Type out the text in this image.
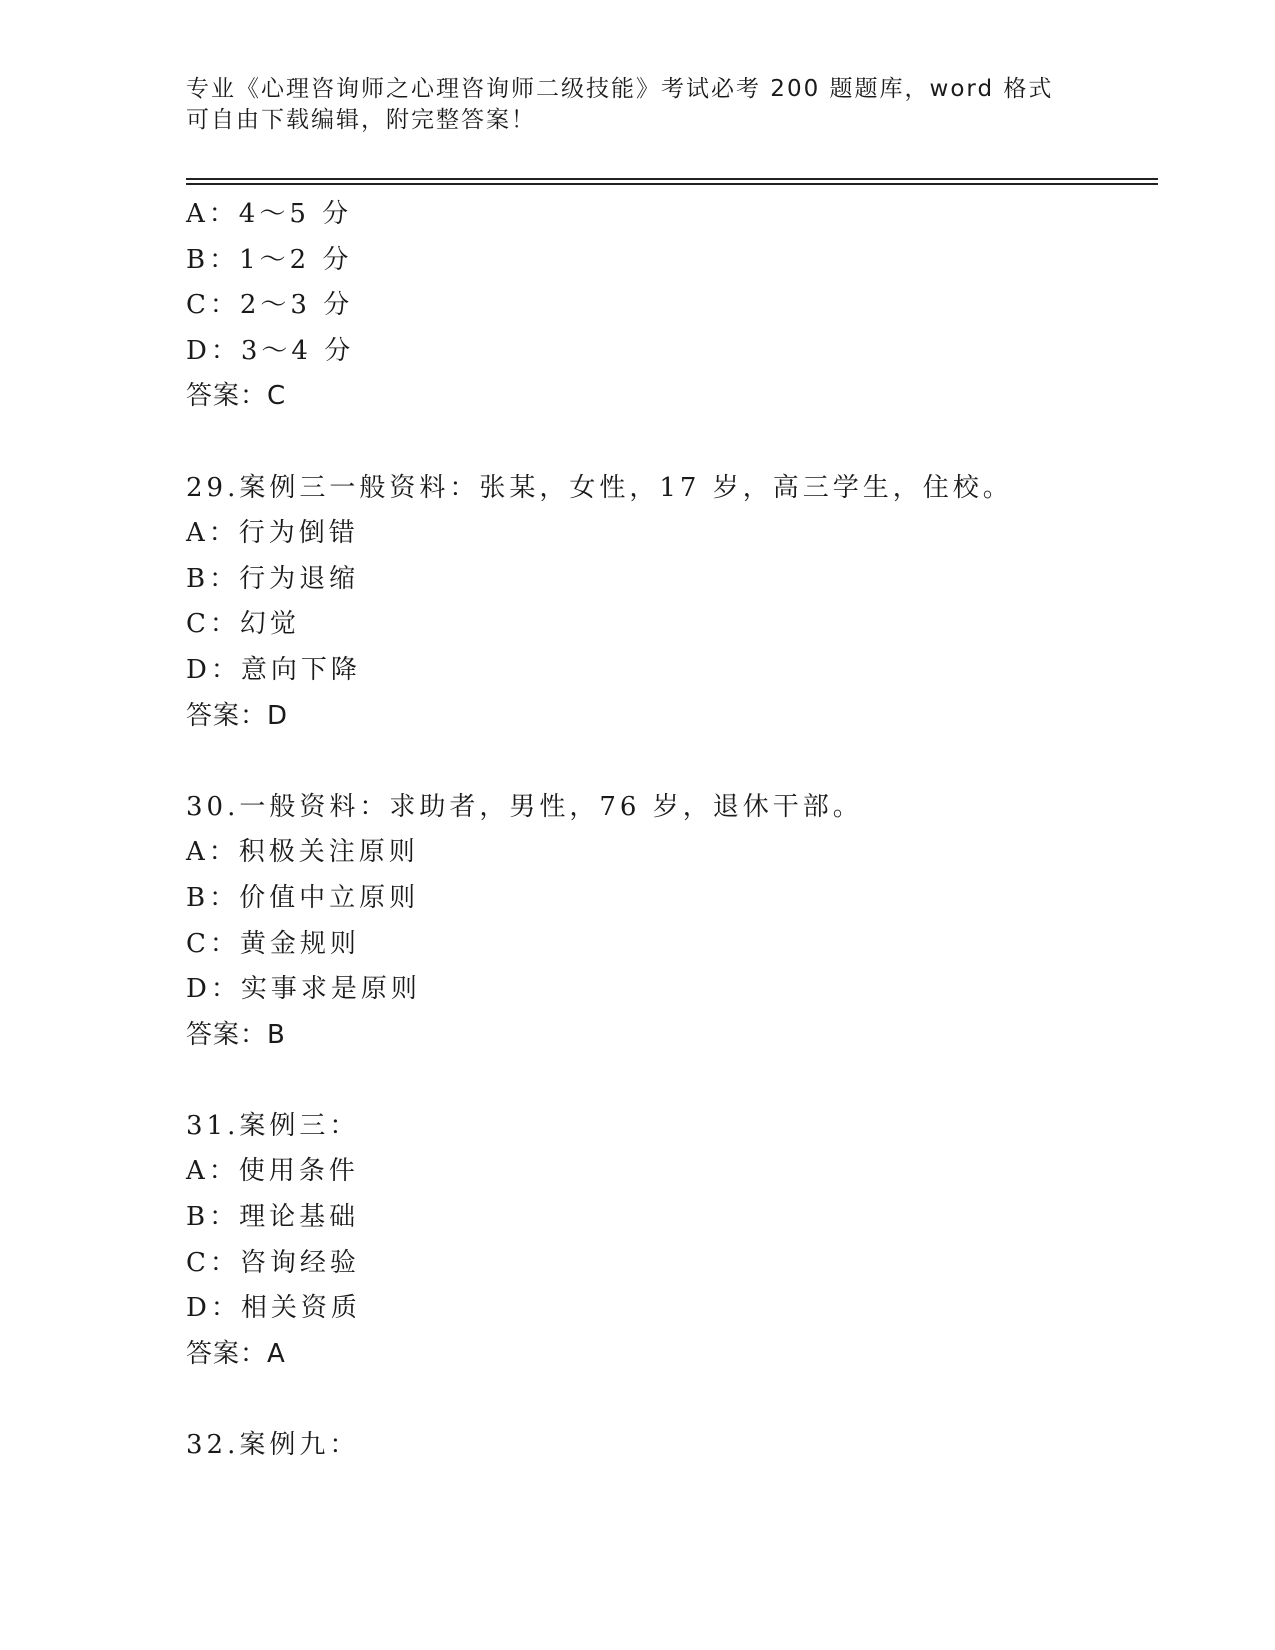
专业《心理咨询师之心理咨询师二级技能》考试必考 200 题题库，word 格式可自由下载编辑，附完整答案！
A：4～5 分
B：1～2 分
C：2～3 分
D：3～4 分
答案：C
29.案例三一般资料：张某，女性，17 岁，高三学生，住校。
A：行为倒错
B：行为退缩
C：幻觉
D：意向下降
答案：D
30.一般资料：求助者，男性，76 岁，退休干部。
A：积极关注原则
B：价值中立原则
C：黄金规则
D：实事求是原则
答案：B
31.案例三：
A：使用条件
B：理论基础
C：咨询经验
D：相关资质
答案：A
32.案例九：
